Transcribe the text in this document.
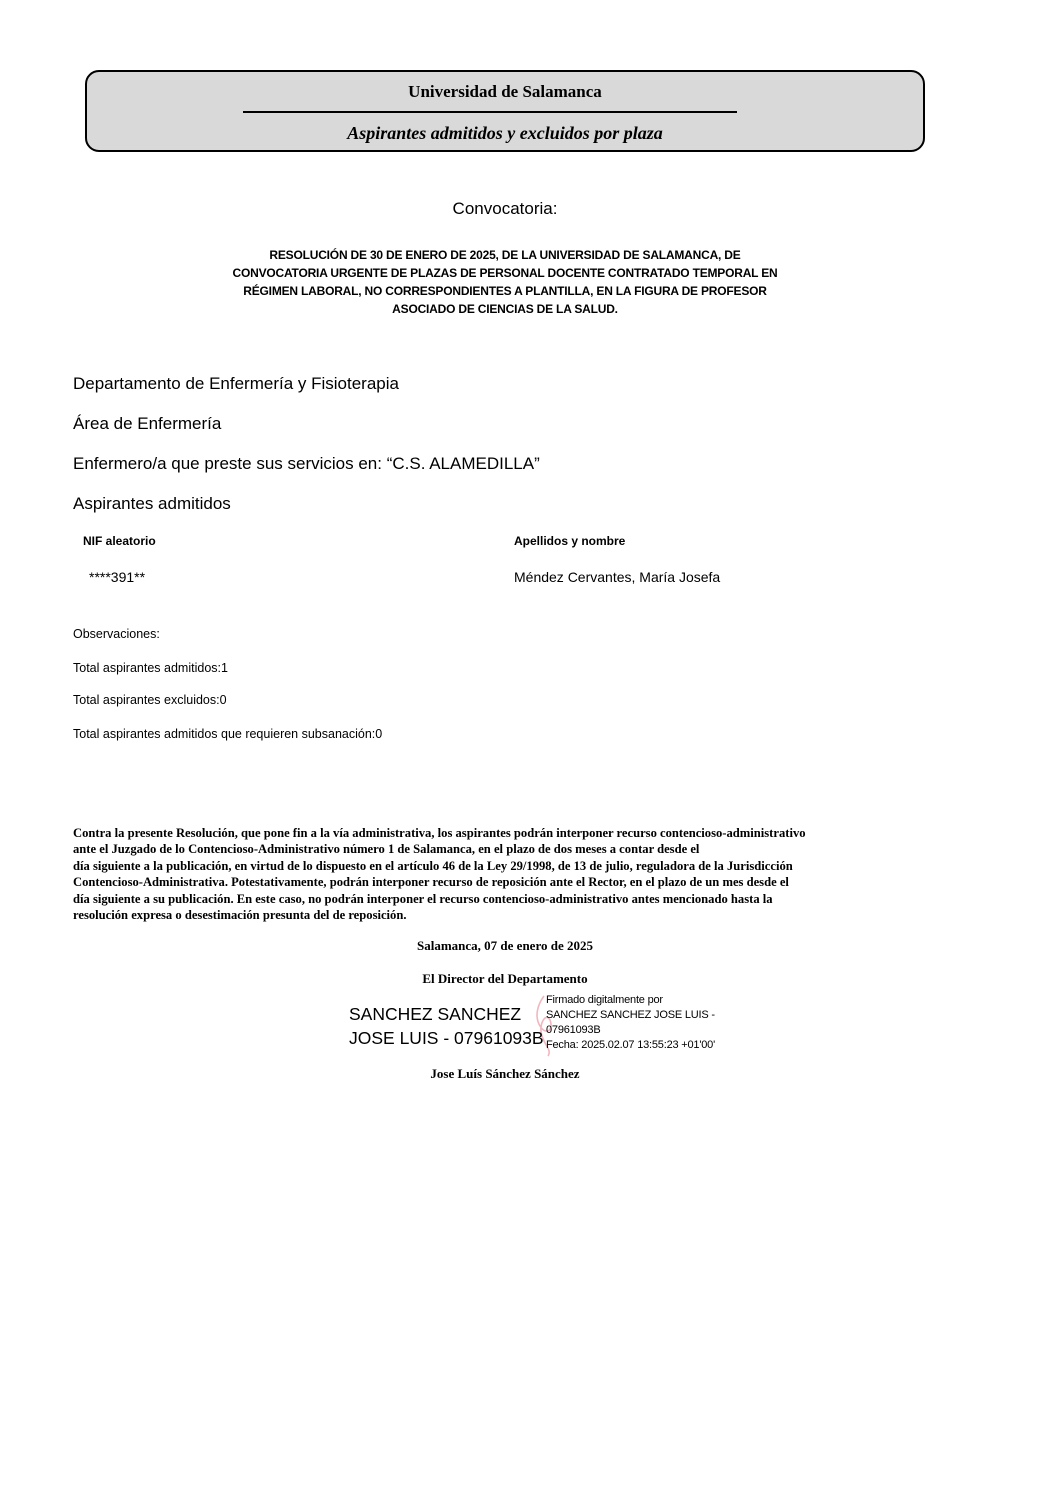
Universidad de Salamanca
Aspirantes admitidos y excluidos por plaza
Convocatoria:
RESOLUCIÓN DE 30 DE ENERO DE 2025, DE LA UNIVERSIDAD DE SALAMANCA, DE
CONVOCATORIA URGENTE DE PLAZAS DE PERSONAL DOCENTE CONTRATADO TEMPORAL EN
RÉGIMEN LABORAL, NO CORRESPONDIENTES A PLANTILLA, EN LA FIGURA DE PROFESOR
ASOCIADO DE CIENCIAS DE LA SALUD.
Departamento de Enfermería y Fisioterapia
Área de Enfermería
Enfermero/a que preste sus servicios en: “C.S. ALAMEDILLA”
Aspirantes admitidos
NIF aleatorio	Apellidos y nombre
****391**	Méndez Cervantes, María Josefa
Observaciones:
Total aspirantes admitidos:1
Total aspirantes excluidos:0
Total aspirantes admitidos que requieren subsanación:0
Contra la presente Resolución, que pone fin a la vía administrativa, los aspirantes podrán interponer recurso contencioso-administrativo
ante el Juzgado de lo Contencioso-Administrativo número 1 de Salamanca, en el plazo de dos meses a contar desde el
día siguiente a la publicación, en virtud de lo dispuesto en el artículo 46 de la Ley 29/1998, de 13 de julio, reguladora de la Jurisdicción
Contencioso-Administrativa. Potestativamente, podrán interponer recurso de reposición ante el Rector, en el plazo de un mes desde el
día siguiente a su publicación. En este caso, no podrán interponer el recurso contencioso-administrativo antes mencionado hasta la
resolución expresa o desestimación presunta del de reposición.
Salamanca, 07 de enero de 2025
El Director del Departamento
SANCHEZ SANCHEZ
JOSE LUIS - 07961093B
Firmado digitalmente por
SANCHEZ SANCHEZ JOSE LUIS -
07961093B
Fecha: 2025.02.07 13:55:23 +01'00'
Jose Luís Sánchez Sánchez
